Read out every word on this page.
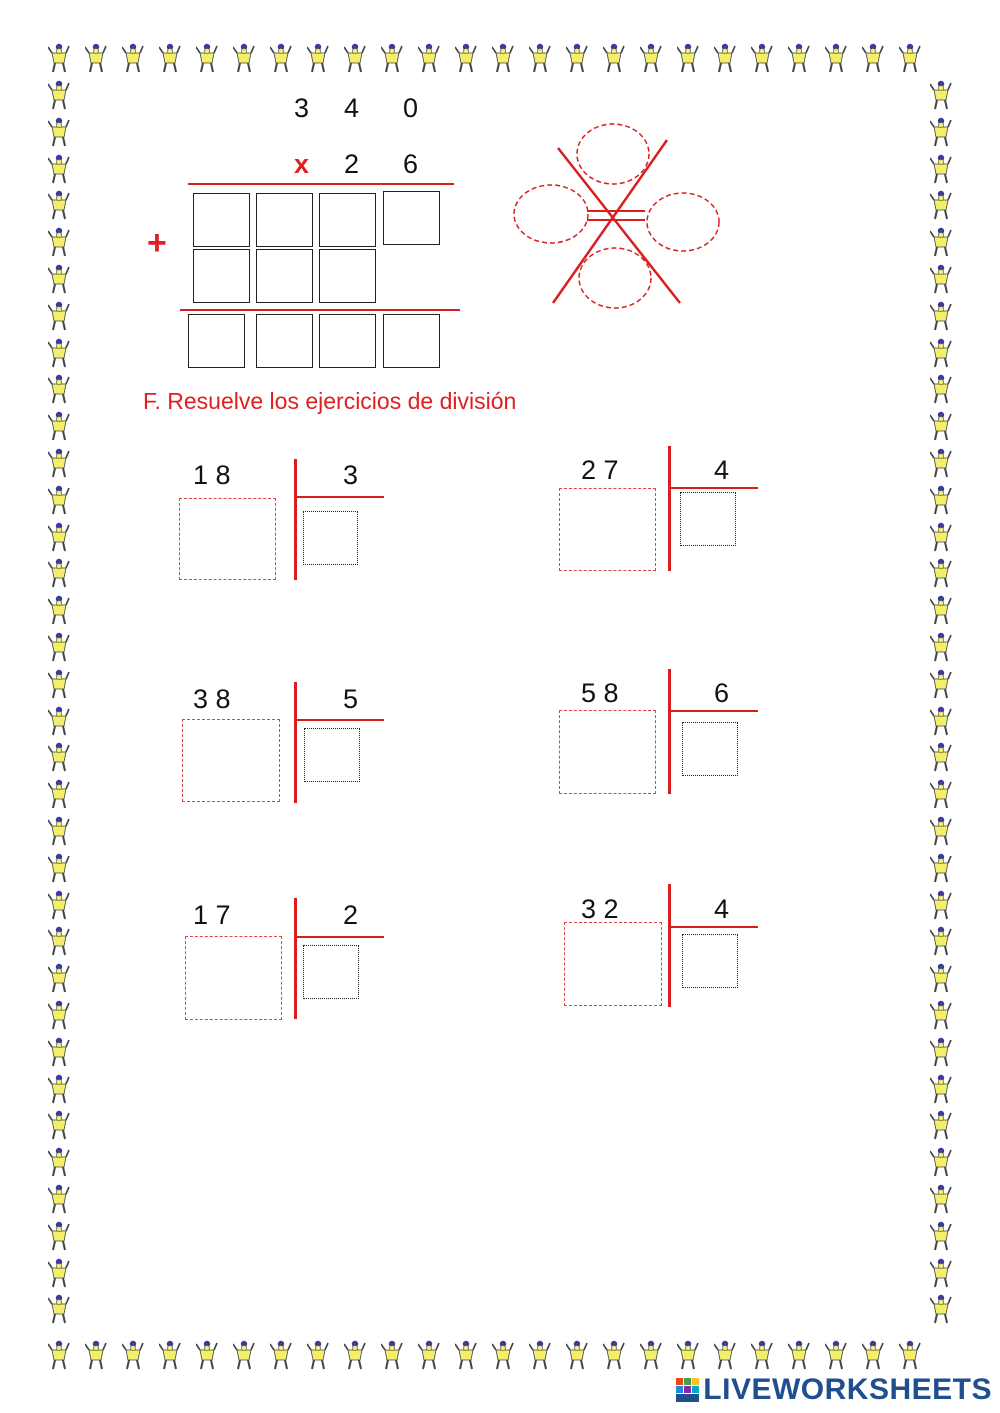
3 4 0
x 2 6
+
F. Resuelve los ejercicios de división
1 8	3	2 7	4
3 8	5	5 8	6
1 7	2	3 2	4
LIVEWORKSHEETS
